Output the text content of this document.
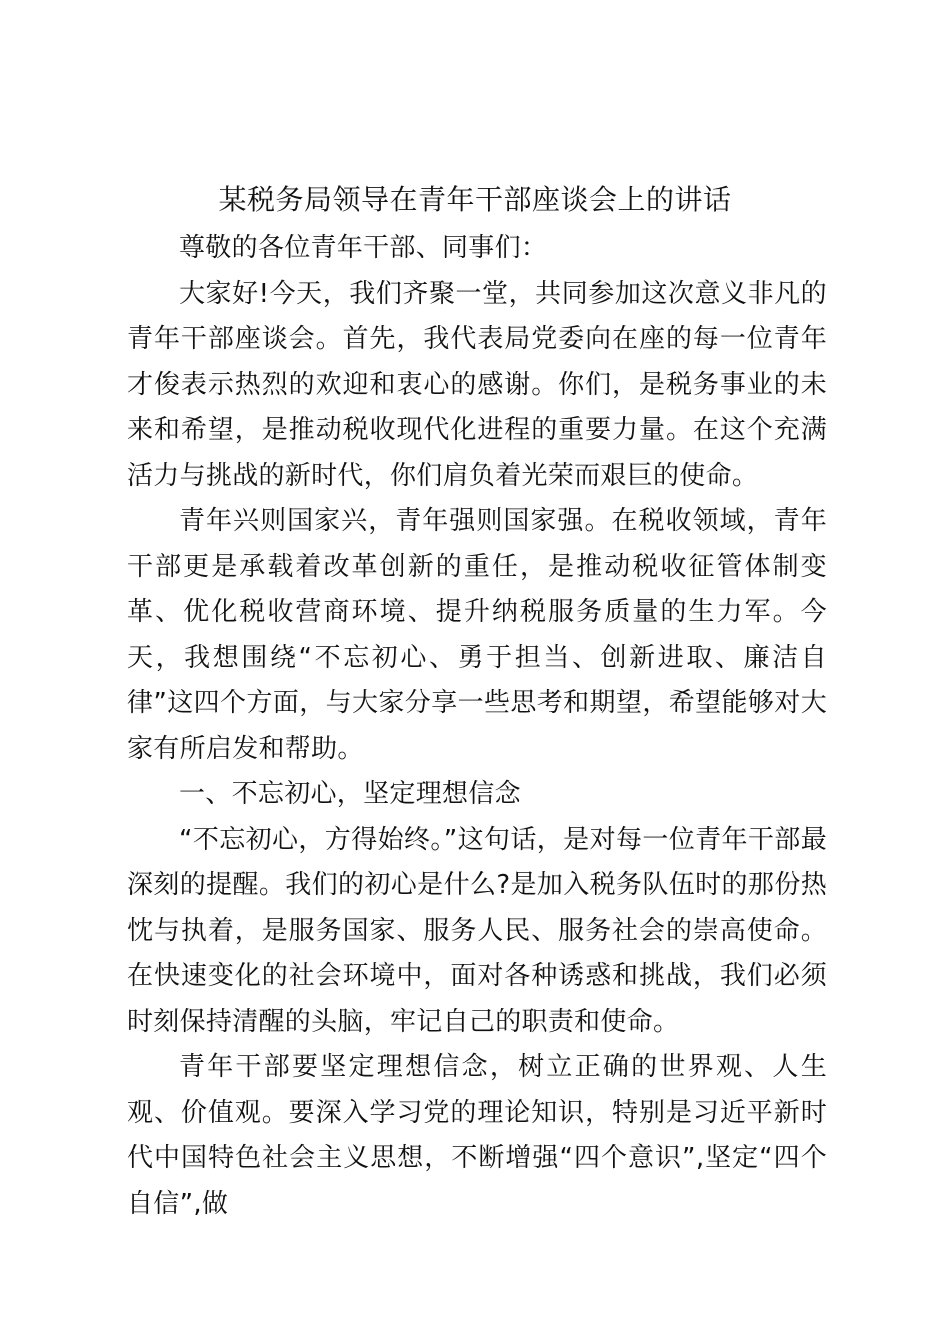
某税务局领导在青年干部座谈会上的讲话

尊敬的各位青年干部、同事们：

大家好!今天，我们齐聚一堂，共同参加这次意义非凡的青年干部座谈会。首先，我代表局党委向在座的每一位青年才俊表示热烈的欢迎和衷心的感谢。你们，是税务事业的未来和希望，是推动税收现代化进程的重要力量。在这个充满活力与挑战的新时代，你们肩负着光荣而艰巨的使命。

青年兴则国家兴，青年强则国家强。在税收领域，青年干部更是承载着改革创新的重任，是推动税收征管体制变革、优化税收营商环境、提升纳税服务质量的生力军。今天，我想围绕“不忘初心、勇于担当、创新进取、廉洁自律”这四个方面，与大家分享一些思考和期望，希望能够对大家有所启发和帮助。

一、不忘初心，坚定理想信念

“不忘初心，方得始终。”这句话，是对每一位青年干部最深刻的提醒。我们的初心是什么?是加入税务队伍时的那份热忱与执着，是服务国家、服务人民、服务社会的崇高使命。在快速变化的社会环境中，面对各种诱惑和挑战，我们必须时刻保持清醒的头脑，牢记自己的职责和使命。

青年干部要坚定理想信念，树立正确的世界观、人生观、价值观。要深入学习党的理论知识，特别是习近平新时代中国特色社会主义思想，不断增强“四个意识”,坚定“四个自信”,做
